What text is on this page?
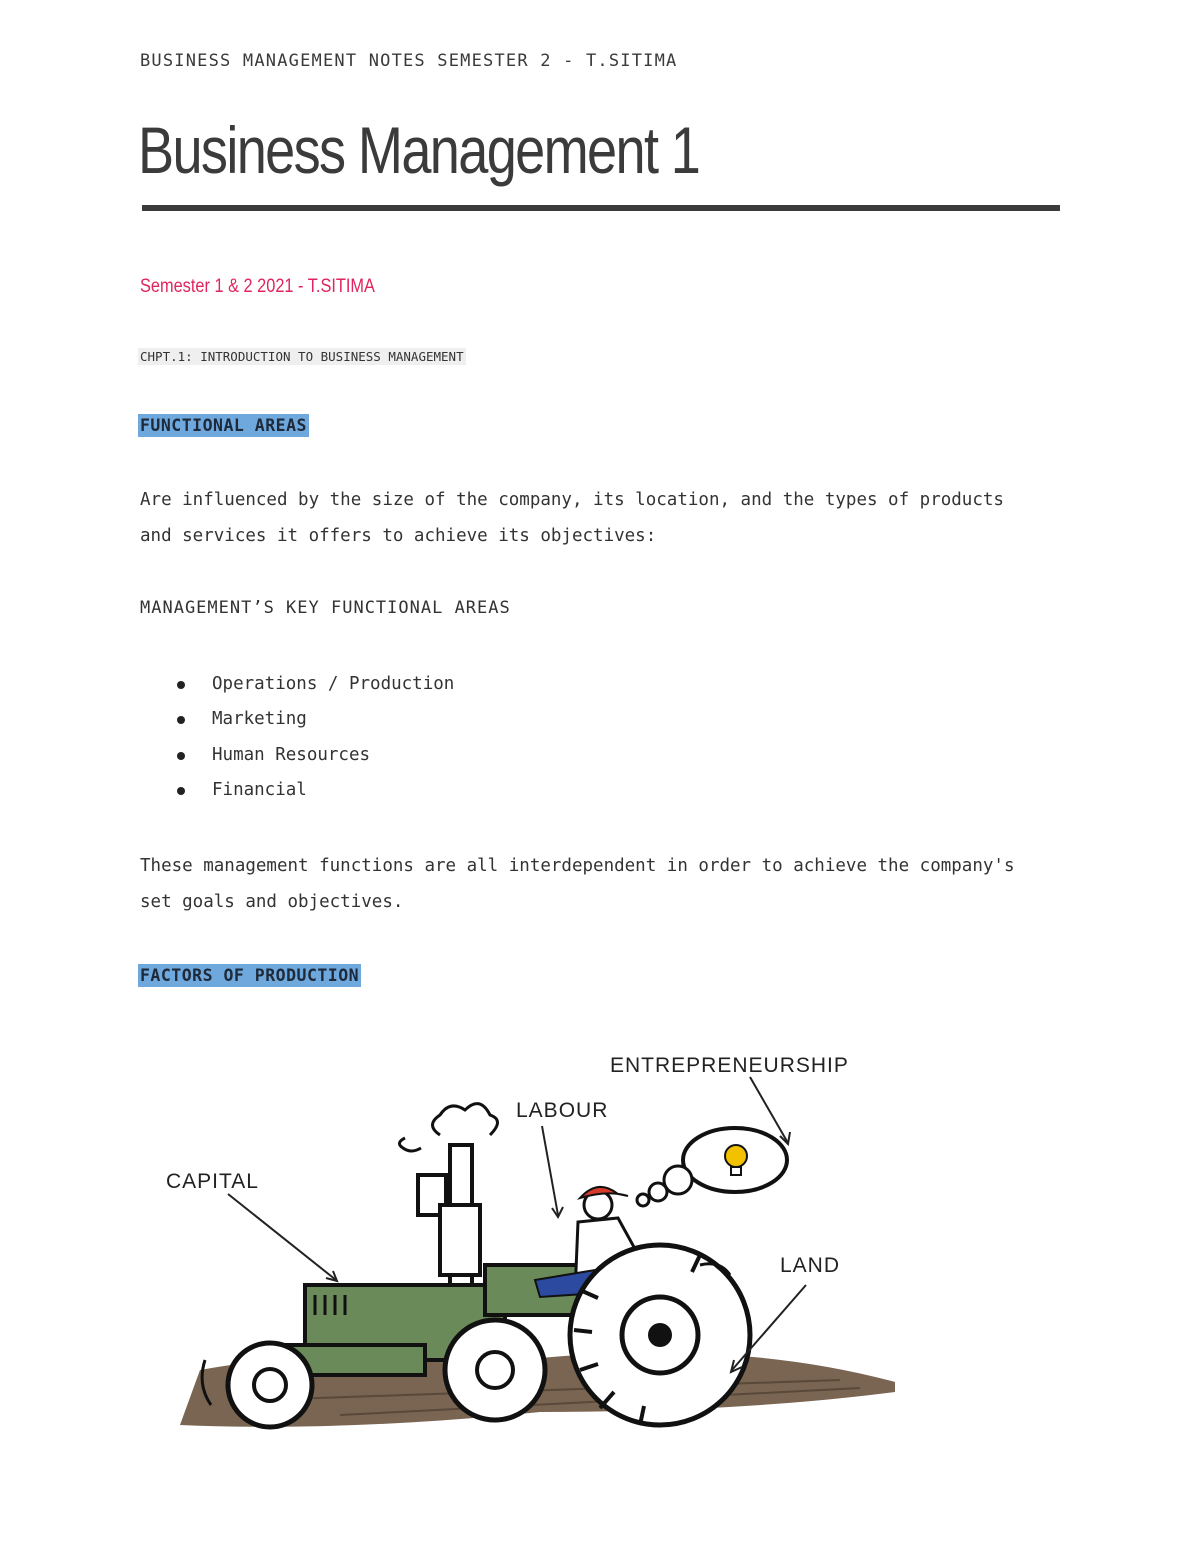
BUSINESS MANAGEMENT NOTES SEMESTER 2 - T.SITIMA
Business Management 1
Semester 1 & 2 2021 - T.SITIMA
CHPT.1: INTRODUCTION TO BUSINESS MANAGEMENT
FUNCTIONAL AREAS
Are influenced by the size of the company, its location, and the types of products and services it offers to achieve its objectives:
MANAGEMENT’S KEY FUNCTIONAL AREAS
Operations / Production
Marketing
Human Resources
Financial
These management functions are all interdependent in order to achieve the company's set goals and objectives.
FACTORS OF PRODUCTION
ENTREPRENEURSHIP
LABOUR
CAPITAL
LAND
